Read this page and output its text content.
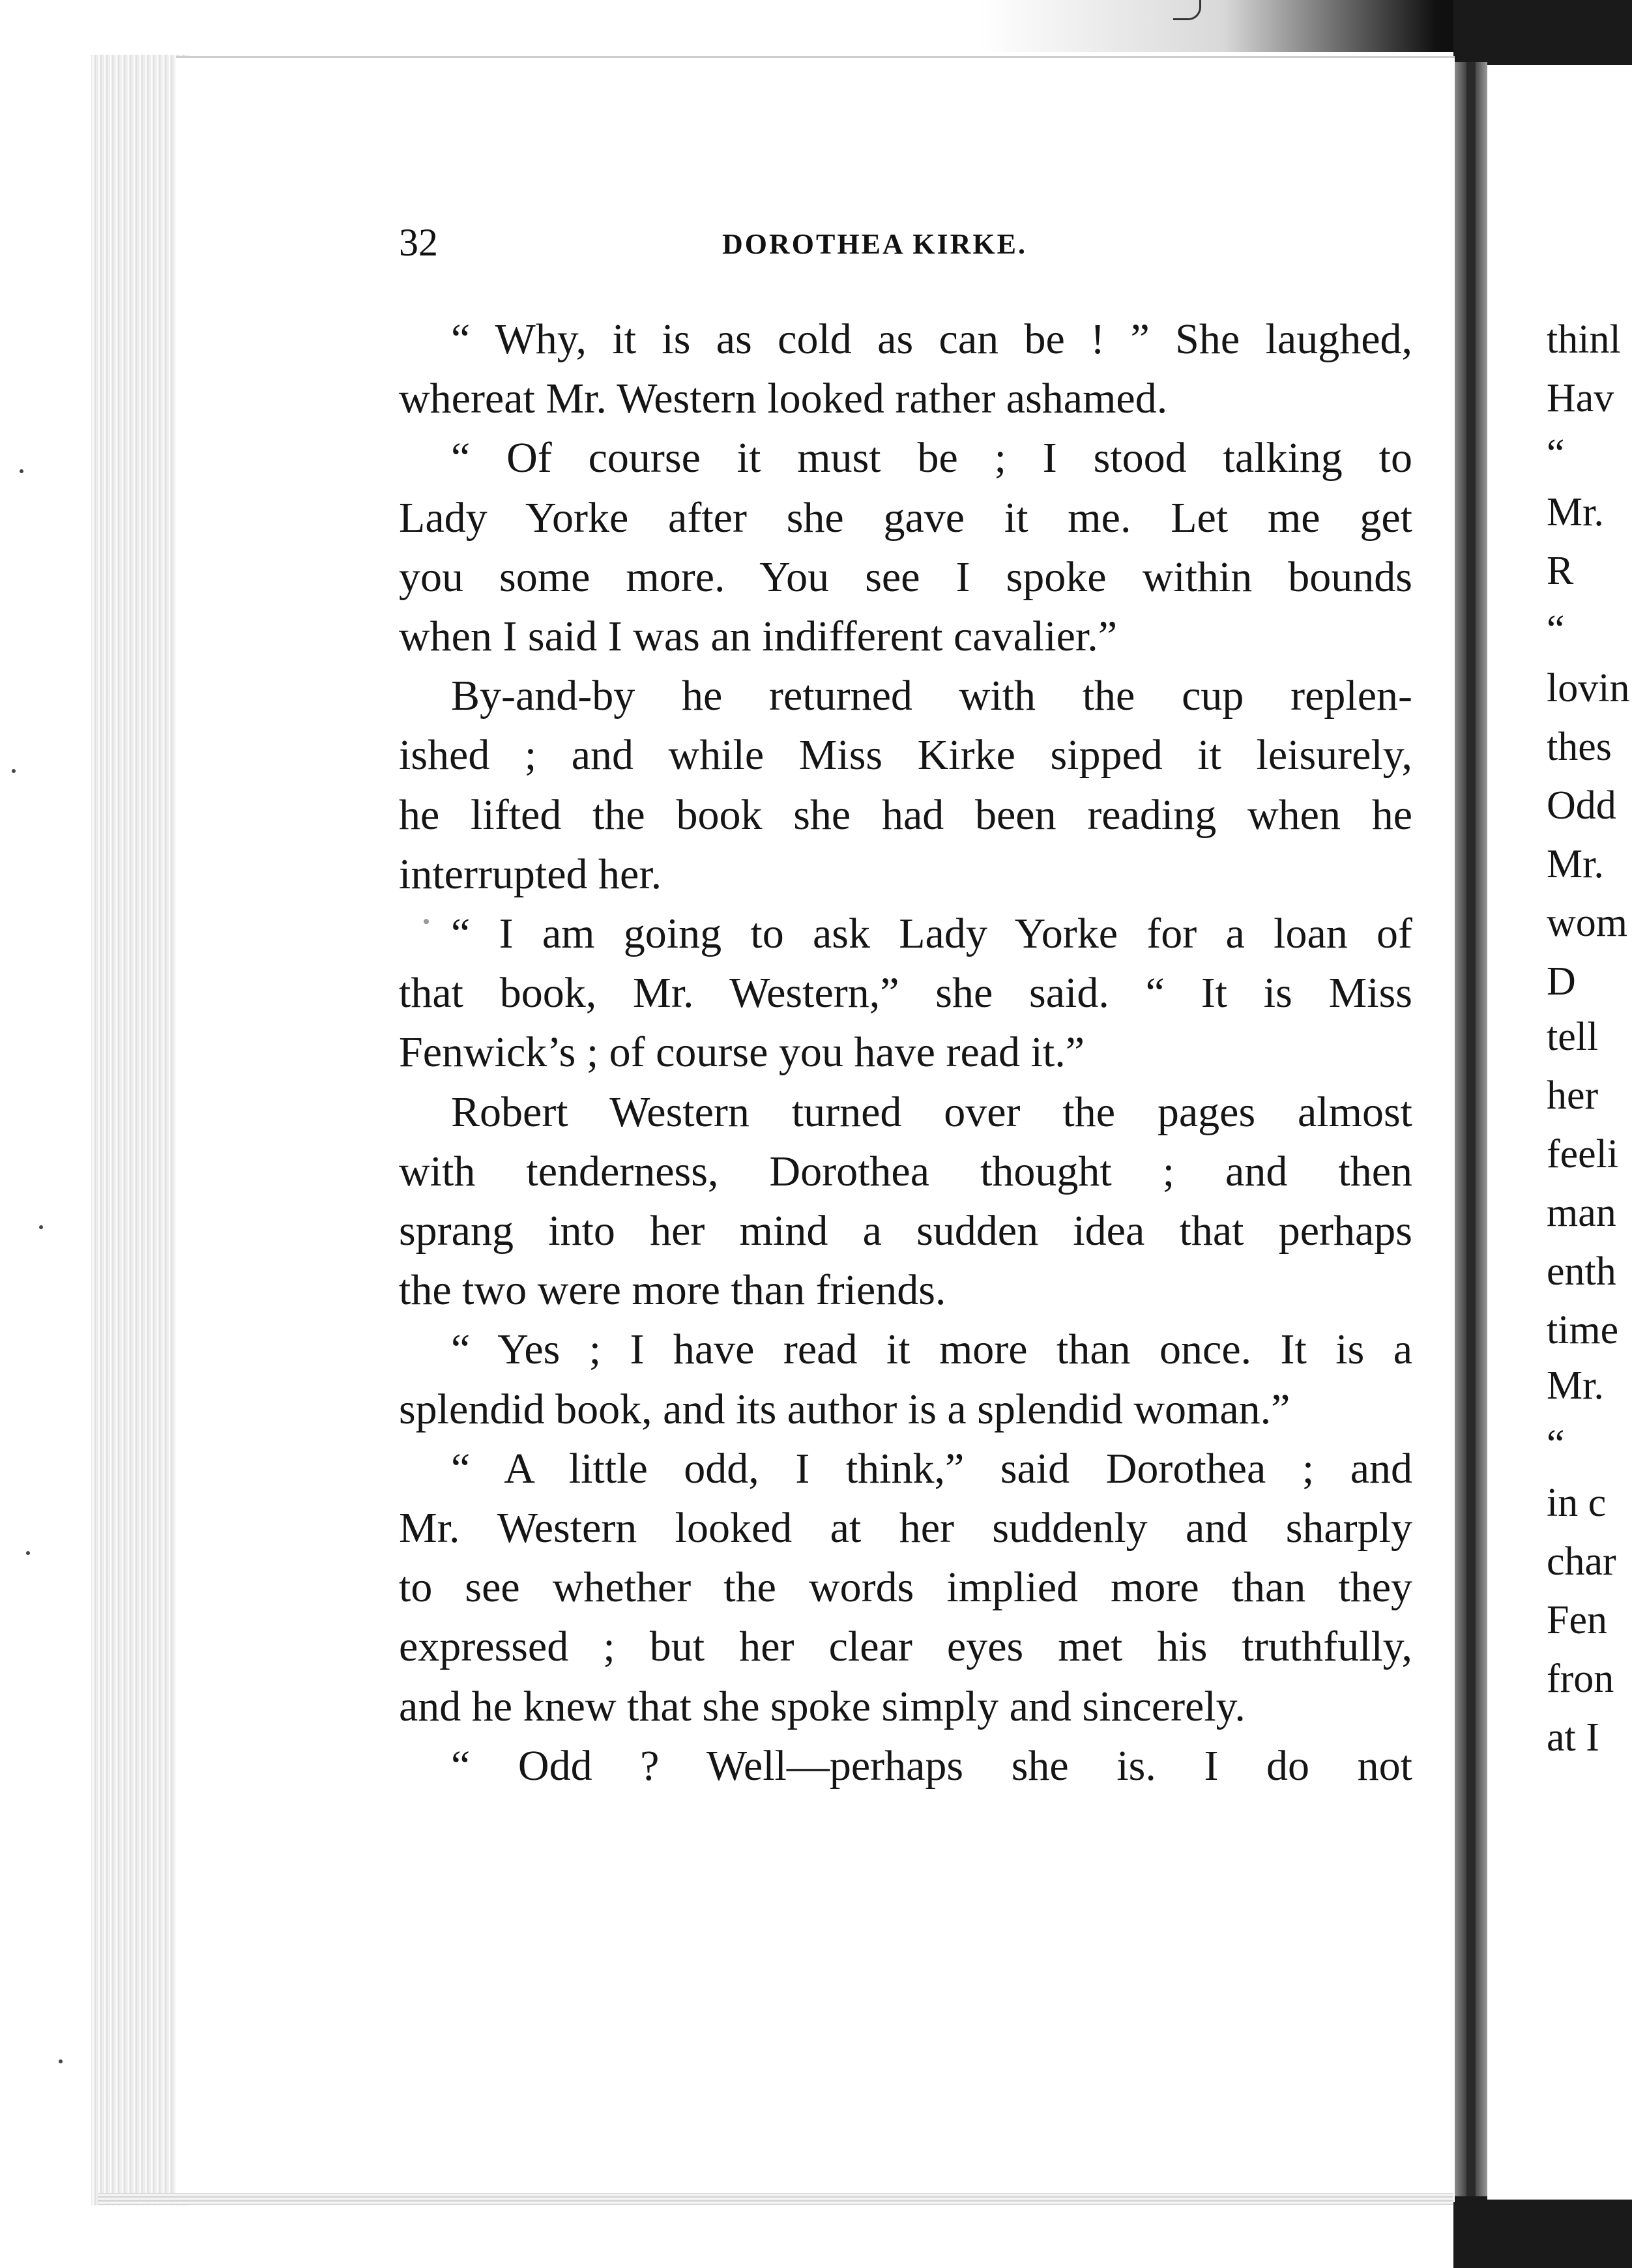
32	DOROTHEA KIRKE.
“ Why, it is as cold as can be ! ” She laughed,
whereat Mr. Western looked rather ashamed.
“ Of course it must be ; I stood talking to
Lady Yorke after she gave it me. Let me get
you some more. You see I spoke within bounds
when I said I was an indifferent cavalier.”
By-and-by he returned with the cup replen-
ished ; and while Miss Kirke sipped it leisurely,
he lifted the book she had been reading when he
interrupted her.
“ I am going to ask Lady Yorke for a loan of
that book, Mr. Western,” she said. “ It is Miss
Fenwick’s ; of course you have read it.”
Robert Western turned over the pages almost
with tenderness, Dorothea thought ; and then
sprang into her mind a sudden idea that perhaps
the two were more than friends.
“ Yes ; I have read it more than once. It is a
splendid book, and its author is a splendid woman.”
“ A little odd, I think,” said Dorothea ; and
Mr. Western looked at her suddenly and sharply
to see whether the words implied more than they
expressed ; but her clear eyes met his truthfully,
and he knew that she spoke simply and sincerely.
“ Odd ? Well—perhaps she is. I do not
thinl
Hav
“
Mr.
R
“
lovin
thes
Odd
Mr.
wom
D
tell
her
feeli
man
enth
time
Mr.
“
in c
char
Fen
fron
at I
